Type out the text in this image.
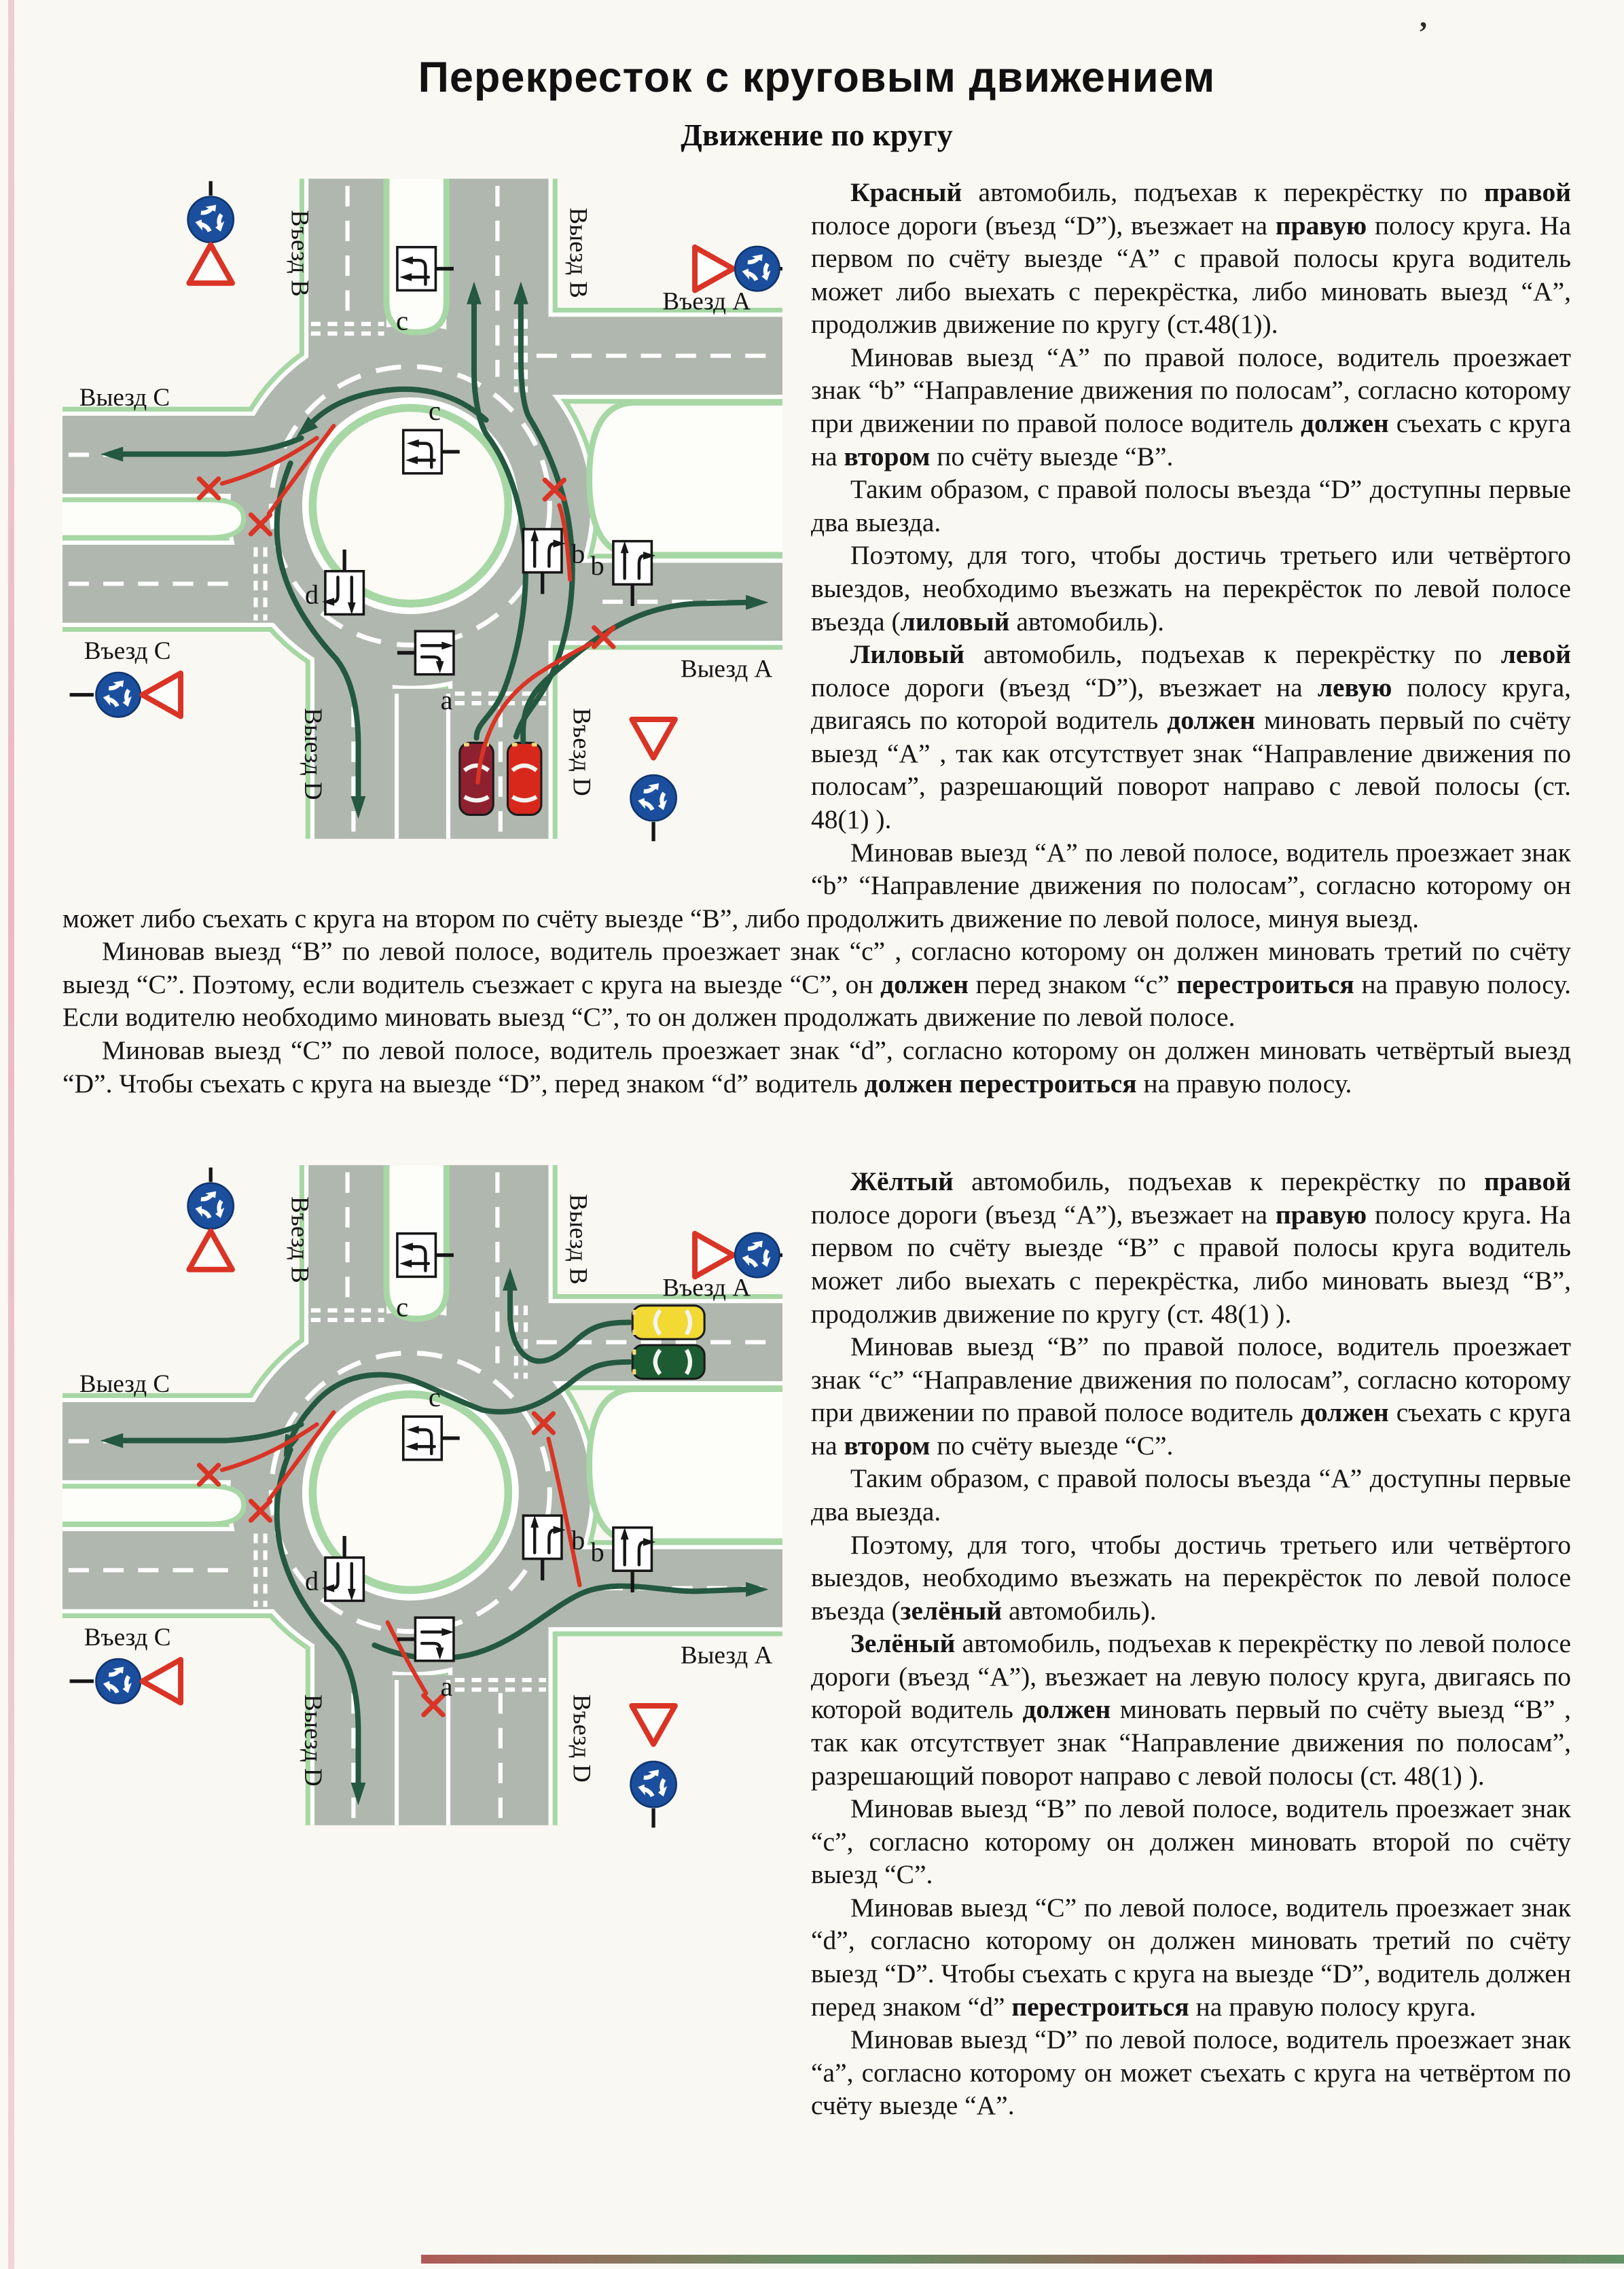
’
Перекресток с круговым движением
Движение по кругу
c
c
b b
d
a
Въезд B	Выезд B
Въезд A
Выезд A
Выезд C
Въезд C
Выезд D	Въезд D

Красный автомобиль, подъехав к перекрёстку по правой полосе дороги (въезд “D”), въезжает на правую полосу круга. На первом по счёту выезде “А” с правой полосы круга водитель может либо выехать с перекрёстка, либо миновать выезд “А”, продолжив движение по кругу (ст.48(1)).

Миновав выезд “А” по правой полосе, водитель проезжает знак “b” “Направление движения по полосам”, согласно которому при движении по правой полосе водитель должен съехать с круга на втором по счёту выезде “В”.

Таким образом, с правой полосы въезда “D” доступны первые два выезда.

Поэтому, для того, чтобы достичь третьего или четвёртого выездов, необходимо въезжать на перекрёсток по левой полосе въезда (лиловый автомобиль).

Лиловый автомобиль, подъехав к перекрёстку по левой полосе дороги (въезд “D”), въезжает на левую полосу круга, двигаясь по которой водитель должен миновать первый по счёту выезд “А” , так как отсутствует знак “Направление движения по полосам”, разрешающий поворот направо с левой полосы (ст. 48(1) ).

Миновав выезд “А” по левой полосе, водитель проезжает знак “b” “Направление движения по полосам”, согласно которому он может либо съехать с круга на втором по счёту выезде “В”, либо продолжить движение по левой полосе, минуя выезд.

Миновав выезд “В” по левой полосе, водитель проезжает знак “с” , согласно которому он должен миновать третий по счёту выезд “С”. Поэтому, если водитель съезжает с круга на выезде “С”, он должен перед знаком “с” перестроиться на правую полосу. Если водителю необходимо миновать выезд “С”, то он должен продолжать движение по левой полосе.

Миновав выезд “С” по левой полосе, водитель проезжает знак “d”, согласно которому он должен миновать четвёртый выезд “D”. Чтобы съехать с круга на выезде “D”, перед знаком “d” водитель должен перестроиться на правую полосу.

c
c
b b
d
a
Въезд B	Выезд B
Въезд A
Выезд A
Выезд C
Въезд C
Выезд D	Въезд D

Жёлтый автомобиль, подъехав к перекрёстку по правой полосе дороги (въезд “А”), въезжает на правую полосу круга. На первом по счёту выезде “В” с правой полосы круга водитель может либо выехать с перекрёстка, либо миновать выезд “В”, продолжив движение по кругу (ст. 48(1) ).

Миновав выезд “В” по правой полосе, водитель проезжает знак “с” “Направление движения по полосам”, согласно которому при движении по правой полосе водитель должен съехать с круга на втором по счёту выезде “С”.

Таким образом, с правой полосы въезда “А” доступны первые два выезда.

Поэтому, для того, чтобы достичь третьего или четвёртого выездов, необходимо въезжать на перекрёсток по левой полосе въезда (зелёный автомобиль).

Зелёный автомобиль, подъехав к перекрёстку по левой полосе дороги (въезд “А”), въезжает на левую полосу круга, двигаясь по которой водитель должен миновать первый по счёту выезд “В” , так как отсутствует знак “Направление движения по полосам”, разрешающий поворот направо с левой полосы (ст. 48(1) ).

Миновав выезд “В” по левой полосе, водитель проезжает знак “с”, согласно которому он должен миновать второй по счёту выезд “С”.

Миновав выезд “С” по левой полосе, водитель проезжает знак “d”, согласно которому он должен миновать третий по счёту выезд “D”. Чтобы съехать с круга на выезде “D”, водитель должен перед знаком “d” перестроиться на правую полосу круга.

Миновав выезд “D” по левой полосе, водитель проезжает знак “а”, согласно которому он может съехать с круга на четвёртом по счёту выезде “А”.
